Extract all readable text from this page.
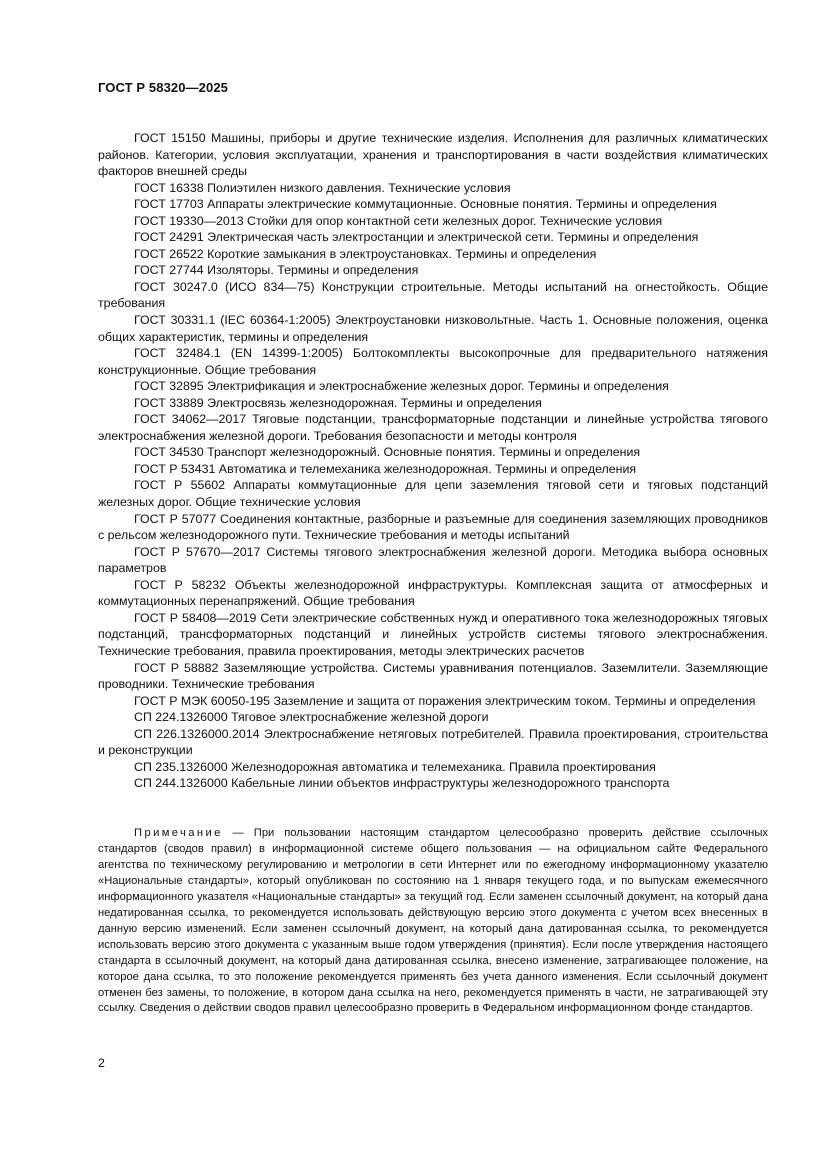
ГОСТ Р 58320—2025

ГОСТ 15150 Машины, приборы и другие технические изделия. Исполнения для различных климатических районов. Категории, условия эксплуатации, хранения и транспортирования в части воздействия климатических факторов внешней среды

ГОСТ 16338 Полиэтилен низкого давления. Технические условия

ГОСТ 17703 Аппараты электрические коммутационные. Основные понятия. Термины и определения

ГОСТ 19330—2013 Стойки для опор контактной сети железных дорог. Технические условия

ГОСТ 24291 Электрическая часть электростанции и электрической сети. Термины и определения

ГОСТ 26522 Короткие замыкания в электроустановках. Термины и определения

ГОСТ 27744 Изоляторы. Термины и определения

ГОСТ 30247.0 (ИСО 834—75) Конструкции строительные. Методы испытаний на огнестойкость. Общие требования

ГОСТ 30331.1 (IEC 60364-1:2005) Электроустановки низковольтные. Часть 1. Основные положения, оценка общих характеристик, термины и определения

ГОСТ 32484.1 (EN 14399-1:2005) Болтокомплекты высокопрочные для предварительного натяжения конструкционные. Общие требования

ГОСТ 32895 Электрификация и электроснабжение железных дорог. Термины и определения

ГОСТ 33889 Электросвязь железнодорожная. Термины и определения

ГОСТ 34062—2017 Тяговые подстанции, трансформаторные подстанции и линейные устройства тягового электроснабжения железной дороги. Требования безопасности и методы контроля

ГОСТ 34530 Транспорт железнодорожный. Основные понятия. Термины и определения

ГОСТ Р 53431 Автоматика и телемеханика железнодорожная. Термины и определения

ГОСТ Р 55602 Аппараты коммутационные для цепи заземления тяговой сети и тяговых подстанций железных дорог. Общие технические условия

ГОСТ Р 57077 Соединения контактные, разборные и разъемные для соединения заземляющих проводников с рельсом железнодорожного пути. Технические требования и методы испытаний

ГОСТ Р 57670—2017 Системы тягового электроснабжения железной дороги. Методика выбора основных параметров

ГОСТ Р 58232 Объекты железнодорожной инфраструктуры. Комплексная защита от атмосферных и коммутационных перенапряжений. Общие требования

ГОСТ Р 58408—2019 Сети электрические собственных нужд и оперативного тока железнодорожных тяговых подстанций, трансформаторных подстанций и линейных устройств системы тягового электроснабжения. Технические требования, правила проектирования, методы электрических расчетов

ГОСТ Р 58882 Заземляющие устройства. Системы уравнивания потенциалов. Заземлители. Заземляющие проводники. Технические требования

ГОСТ Р МЭК 60050-195 Заземление и защита от поражения электрическим током. Термины и определения

СП 224.1326000 Тяговое электроснабжение железной дороги

СП 226.1326000.2014 Электроснабжение нетяговых потребителей. Правила проектирования, строительства и реконструкции

СП 235.1326000 Железнодорожная автоматика и телемеханика. Правила проектирования

СП 244.1326000 Кабельные линии объектов инфраструктуры железнодорожного транспорта

Примечание — При пользовании настоящим стандартом целесообразно проверить действие ссылочных стандартов (сводов правил) в информационной системе общего пользования — на официальном сайте Федерального агентства по техническому регулированию и метрологии в сети Интернет или по ежегодному информационному указателю «Национальные стандарты», который опубликован по состоянию на 1 января текущего года, и по выпускам ежемесячного информационного указателя «Национальные стандарты» за текущий год. Если заменен ссылочный документ, на который дана недатированная ссылка, то рекомендуется использовать действующую версию этого документа с учетом всех внесенных в данную версию изменений. Если заменен ссылочный документ, на который дана датированная ссылка, то рекомендуется использовать версию этого документа с указанным выше годом утверждения (принятия). Если после утверждения настоящего стандарта в ссылочный документ, на который дана датированная ссылка, внесено изменение, затрагивающее положение, на которое дана ссылка, то это положение рекомендуется применять без учета данного изменения. Если ссылочный документ отменен без замены, то положение, в котором дана ссылка на него, рекомендуется применять в части, не затрагивающей эту ссылку. Сведения о действии сводов правил целесообразно проверить в Федеральном информационном фонде стандартов.

2
